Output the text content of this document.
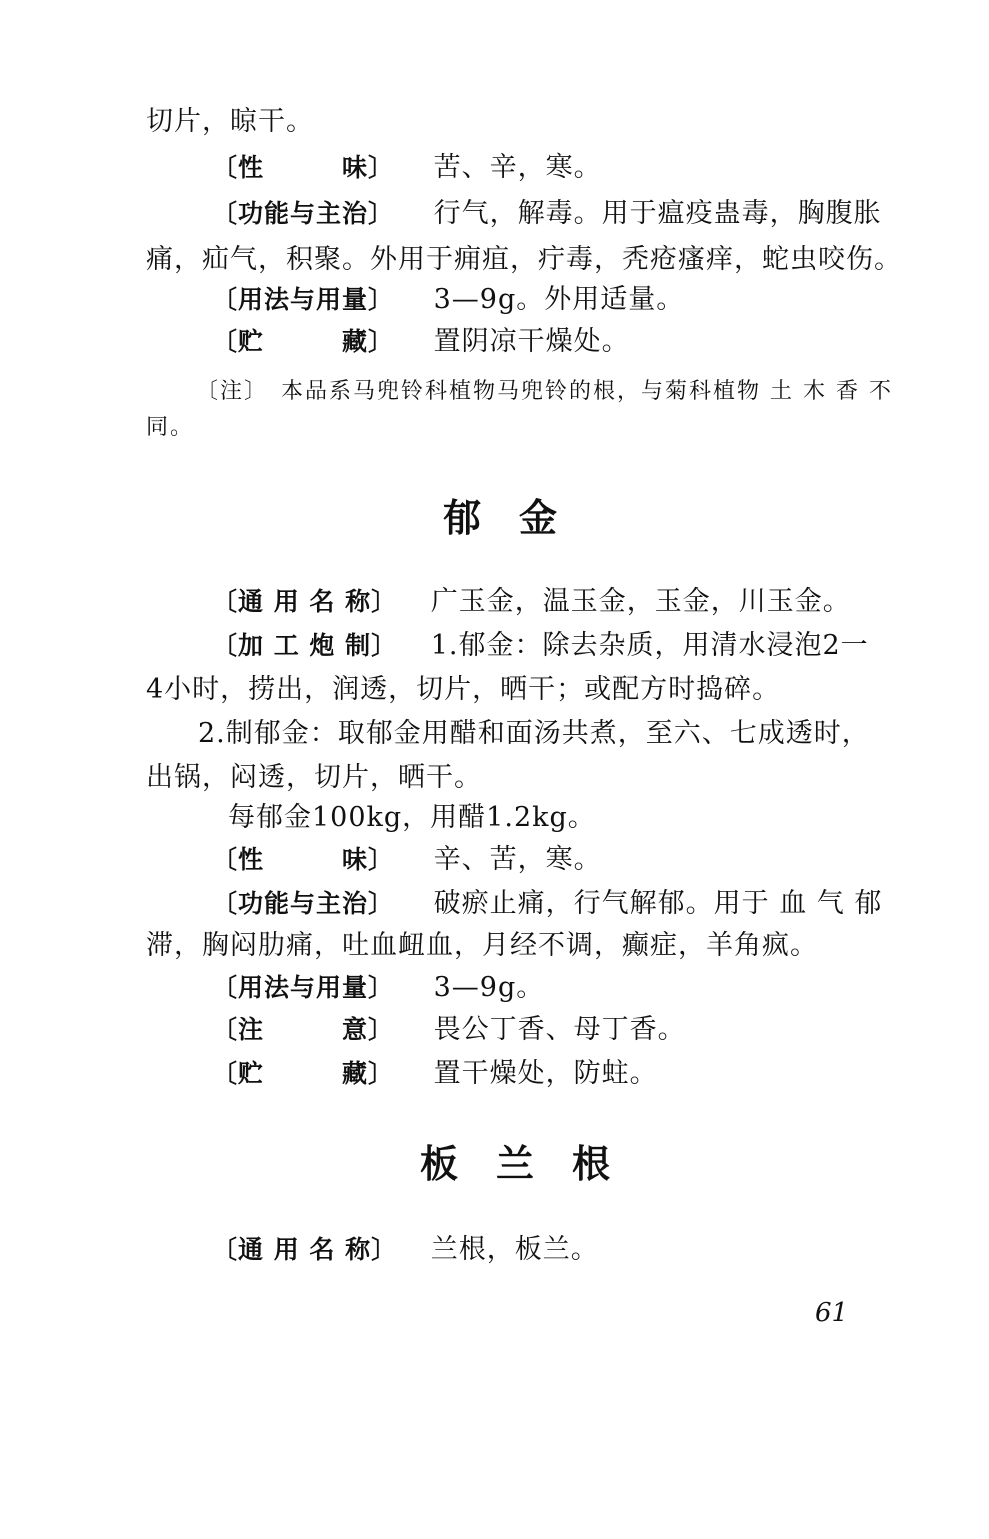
切片，晾干。
〔性　　　味〕 苦、辛，寒。
〔功能与主治〕 行气，解毒。用于瘟疫蛊毒，胸腹胀
痛，疝气，积聚。外用于痈疽，疔毒，秃疮瘙痒，蛇虫咬伤。
〔用法与用量〕 3—9g。外用适量。
〔贮　　　藏〕 置阴凉干燥处。
〔注〕　本品系马兜铃科植物马兜铃的根，与菊科植物 土 木 香 不
同。
郁　金
〔通 用 名 称〕 广玉金，温玉金，玉金，川玉金。
〔加 工 炮 制〕 1.郁金：除去杂质，用清水浸泡2一
4小时，捞出，润透，切片，晒干；或配方时捣碎。
2.制郁金：取郁金用醋和面汤共煮，至六、七成透时，
出锅，闷透，切片，晒干。
每郁金100kg，用醋1.2kg。
〔性　　　味〕 辛、苦，寒。
〔功能与主治〕 破瘀止痛，行气解郁。用于 血 气 郁
滞，胸闷肋痛，吐血衄血，月经不调，癫症，羊角疯。
〔用法与用量〕 3—9g。
〔注　　　意〕 畏公丁香、母丁香。
〔贮　　　藏〕 置干燥处，防蛀。
板　兰　根
〔通 用 名 称〕 兰根，板兰。
61
